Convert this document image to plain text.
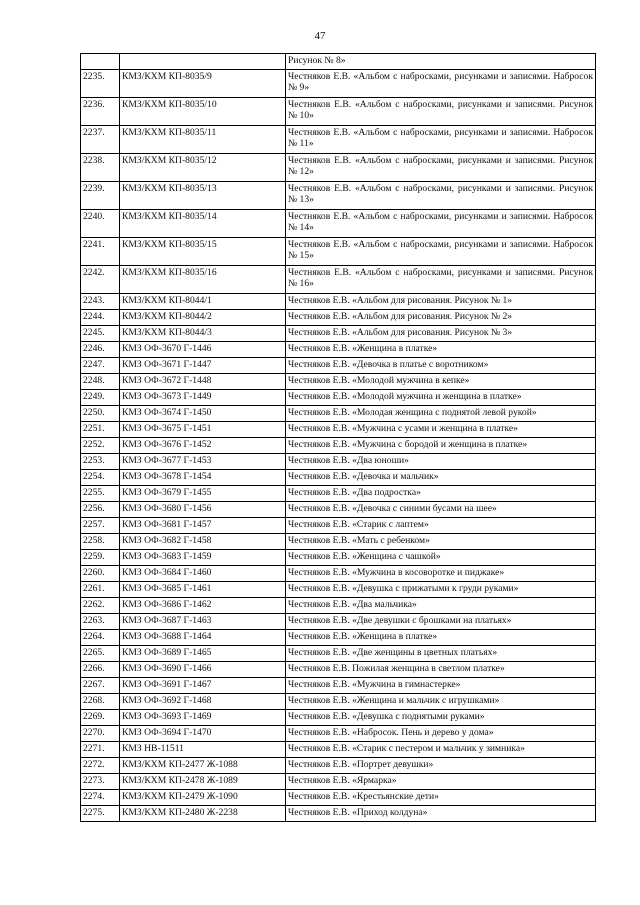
47
		Рисунок № 8»
2235.	КМЗ/КХМ КП-8035/9	Честняков Е.В. «Альбом с набросками, рисунками и записями. Набросок № 9»
2236.	КМЗ/КХМ КП-8035/10	Честняков Е.В. «Альбом с набросками, рисунками и записями. Рисунок № 10»
2237.	КМЗ/КХМ КП-8035/11	Честняков Е.В. «Альбом с набросками, рисунками и записями. Набросок № 11»
2238.	КМЗ/КХМ КП-8035/12	Честняков Е.В. «Альбом с набросками, рисунками и записями. Рисунок № 12»
2239.	КМЗ/КХМ КП-8035/13	Честняков Е.В. «Альбом с набросками, рисунками и записями. Рисунок № 13»
2240.	КМЗ/КХМ КП-8035/14	Честняков Е.В. «Альбом с набросками, рисунками и записями. Набросок № 14»
2241.	КМЗ/КХМ КП-8035/15	Честняков Е.В. «Альбом с набросками, рисунками и записями. Набросок № 15»
2242.	КМЗ/КХМ КП-8035/16	Честняков Е.В. «Альбом с набросками, рисунками и записями. Рисунок № 16»
2243.	КМЗ/КХМ КП-8044/1	Честняков Е.В. «Альбом для рисования. Рисунок № 1»
2244.	КМЗ/КХМ КП-8044/2	Честняков Е.В. «Альбом для рисования. Рисунок № 2»
2245.	КМЗ/КХМ КП-8044/3	Честняков Е.В. «Альбом для рисования. Рисунок № 3»
2246.	КМЗ ОФ-3670 Г-1446	Честняков Е.В. «Женщина в платке»
2247.	КМЗ ОФ-3671 Г-1447	Честняков Е.В. «Девочка в платье с воротником»
2248.	КМЗ ОФ-3672 Г-1448	Честняков Е.В. «Молодой мужчина в кепке»
2249.	КМЗ ОФ-3673 Г-1449	Честняков Е.В. «Молодой мужчина и женщина в платке»
2250.	КМЗ ОФ-3674 Г-1450	Честняков Е.В. «Молодая женщина с поднятой левой рукой»
2251.	КМЗ ОФ-3675 Г-1451	Честняков Е.В. «Мужчина с усами и женщина в платке»
2252.	КМЗ ОФ-3676 Г-1452	Честняков Е.В. «Мужчина с бородой и женщина в платке»
2253.	КМЗ ОФ-3677 Г-1453	Честняков Е.В. «Два юноши»
2254.	КМЗ ОФ-3678 Г-1454	Честняков Е.В. «Девочка и мальчик»
2255.	КМЗ ОФ-3679 Г-1455	Честняков Е.В. «Два подростка»
2256.	КМЗ ОФ-3680 Г-1456	Честняков Е.В. «Девочка с синими бусами на шее»
2257.	КМЗ ОФ-3681 Г-1457	Честняков Е.В. «Старик с лаптем»
2258.	КМЗ ОФ-3682 Г-1458	Честняков Е.В. «Мать с ребенком»
2259.	КМЗ ОФ-3683 Г-1459	Честняков Е.В. «Женщина с чашкой»
2260.	КМЗ ОФ-3684 Г-1460	Честняков Е.В. «Мужчина в косоворотке и пиджаке»
2261.	КМЗ ОФ-3685 Г-1461	Честняков Е.В. «Девушка с прижатыми к груди руками»
2262.	КМЗ ОФ-3686 Г-1462	Честняков Е.В. «Два мальчика»
2263.	КМЗ ОФ-3687 Г-1463	Честняков Е.В. «Две девушки с брошками на платьях»
2264.	КМЗ ОФ-3688 Г-1464	Честняков Е.В. «Женщина в платке»
2265.	КМЗ ОФ-3689 Г-1465	Честняков Е.В. «Две женщины в цветных платьях»
2266.	КМЗ ОФ-3690 Г-1466	Честняков Е.В. Пожилая женщина в светлом платке»
2267.	КМЗ ОФ-3691 Г-1467	Честняков Е.В. «Мужчина в гимнастерке»
2268.	КМЗ ОФ-3692 Г-1468	Честняков Е.В. «Женщина и мальчик с игрушками»
2269.	КМЗ ОФ-3693 Г-1469	Честняков Е.В. «Девушка с поднятыми руками»
2270.	КМЗ ОФ-3694 Г-1470	Честняков Е.В. «Набросок. Пень и дерево у дома»
2271.	КМЗ НВ-11511	Честняков Е.В. «Старик с пестером и мальчик у зимника»
2272.	КМЗ/КХМ КП-2477 Ж-1088	Честняков Е.В. «Портрет девушки»
2273.	КМЗ/КХМ КП-2478 Ж-1089	Честняков Е.В. «Ярмарка»
2274.	КМЗ/КХМ КП-2479 Ж-1090	Честняков Е.В. «Крестьянские дети»
2275.	КМЗ/КХМ КП-2480 Ж-2238	Честняков Е.В. «Приход колдуна»
